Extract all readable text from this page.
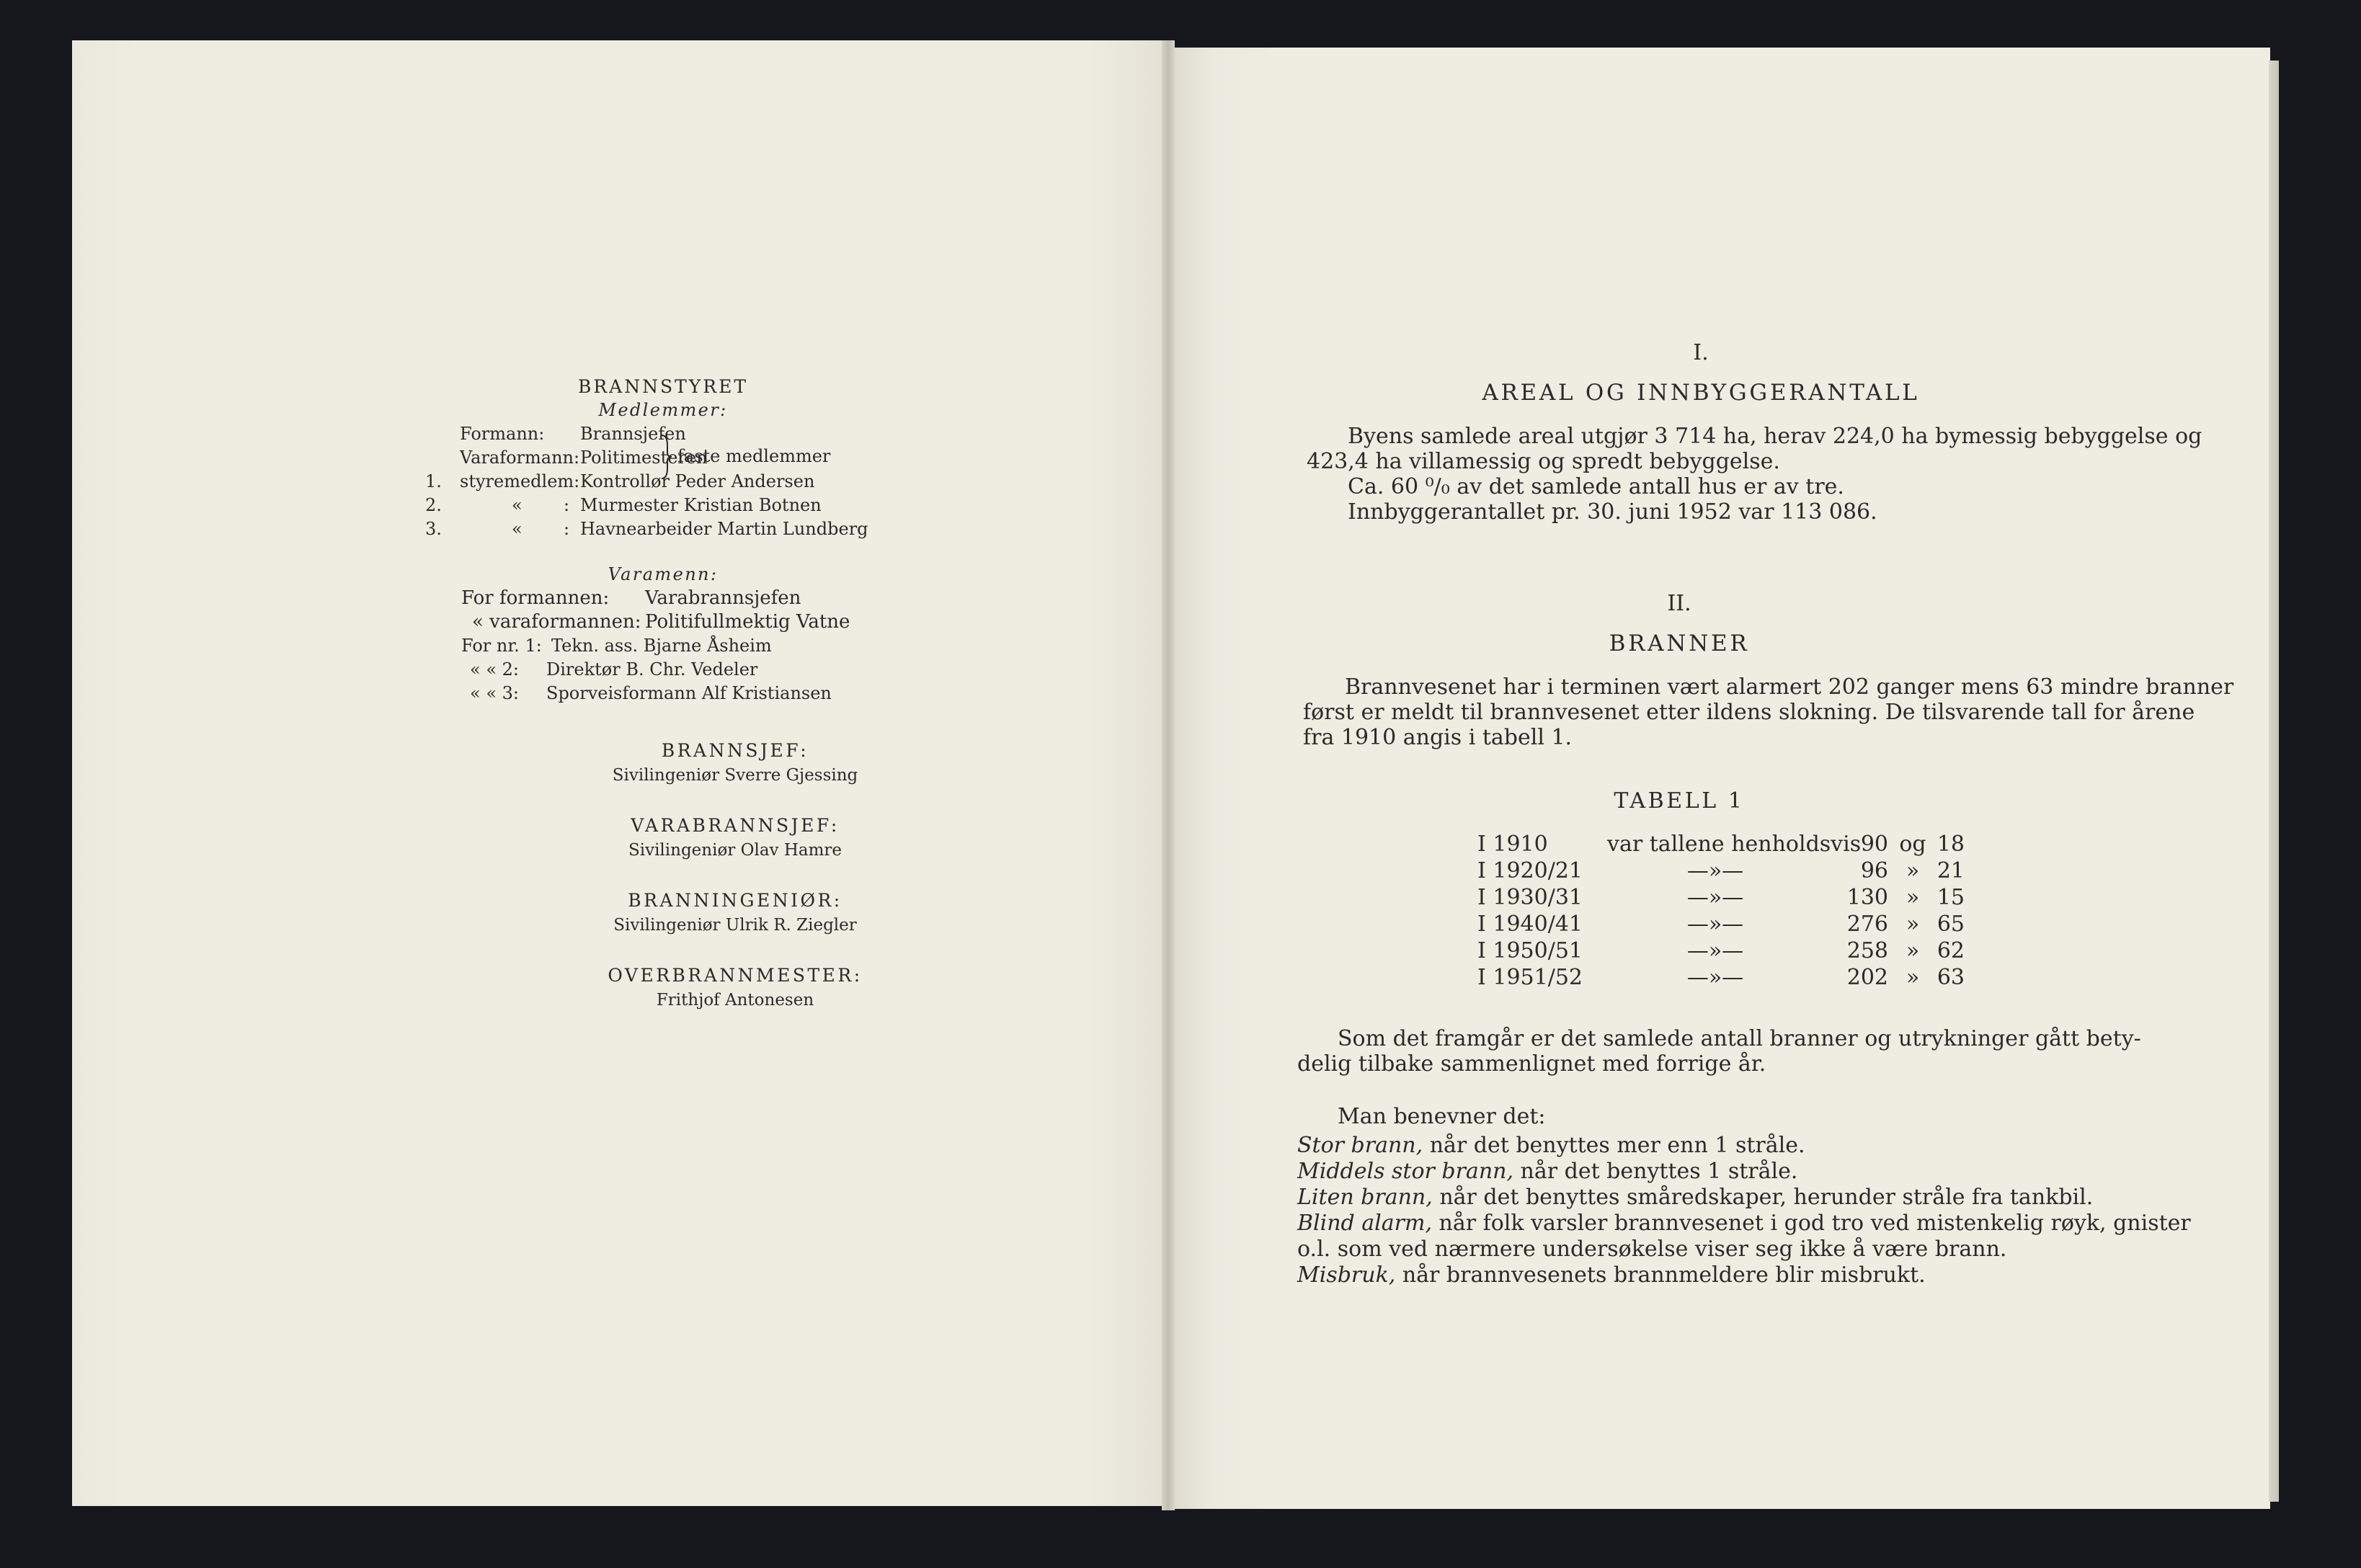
BRANNSTYRET
Medlemmer:
Formann: Brannsjefen
Varaformann: Politimesteren
1. styremedlem: Kontrollør Peder Andersen
2.	« : Murmester Kristian Botnen
3.	« : Havnearbeider Martin Lundberg
Varamenn:
For formannen: Varabrannsjefen
« varaformannen: Politifullmektig Vatne
For nr. 1: Tekn. ass. Bjarne Åsheim
« « 2: Direktør B. Chr. Vedeler
« « 3: Sporveisformann Alf Kristiansen
faste medlemmer
BRANNSJEF:
Sivilingeniør Sverre Gjessing
VARABRANNSJEF:
Sivilingeniør Olav Hamre
BRANNINGENIØR:
Sivilingeniør Ulrik R. Ziegler
OVERBRANNMESTER:
Frithjof Antonesen
I.
AREAL OG INNBYGGERANTALL
Byens samlede areal utgjør 3 714 ha, herav 224,0 ha bymessig bebyggelse og
423,4 ha villamessig og spredt bebyggelse.
Ca. 60 ⁰/₀ av det samlede antall hus er av tre.
Innbyggerantallet pr. 30. juni 1952 var 113 086.
II.
BRANNER
Brannvesenet har i terminen vært alarmert 202 ganger mens 63 mindre branner
først er meldt til brannvesenet etter ildens slokning. De tilsvarende tall for årene
fra 1910 angis i tabell 1.
TABELL 1
I 1910	var tallene henholdsvis 90 og 18
I 1920/21	—»—	96 » 21
I 1930/31	—»—	130 » 15
I 1940/41	—»—	276 » 65
I 1950/51	—»—	258 » 62
I 1951/52	—»—	202 » 63
Som det framgår er det samlede antall branner og utrykninger gått bety-
delig tilbake sammenlignet med forrige år.
Man benevner det:
Stor brann, når det benyttes mer enn 1 stråle.
Middels stor brann, når det benyttes 1 stråle.
Liten brann, når det benyttes småredskaper, herunder stråle fra tankbil.
Blind alarm, når folk varsler brannvesenet i god tro ved mistenkelig røyk, gnister
o.l. som ved nærmere undersøkelse viser seg ikke å være brann.
Misbruk, når brannvesenets brannmeldere blir misbrukt.
